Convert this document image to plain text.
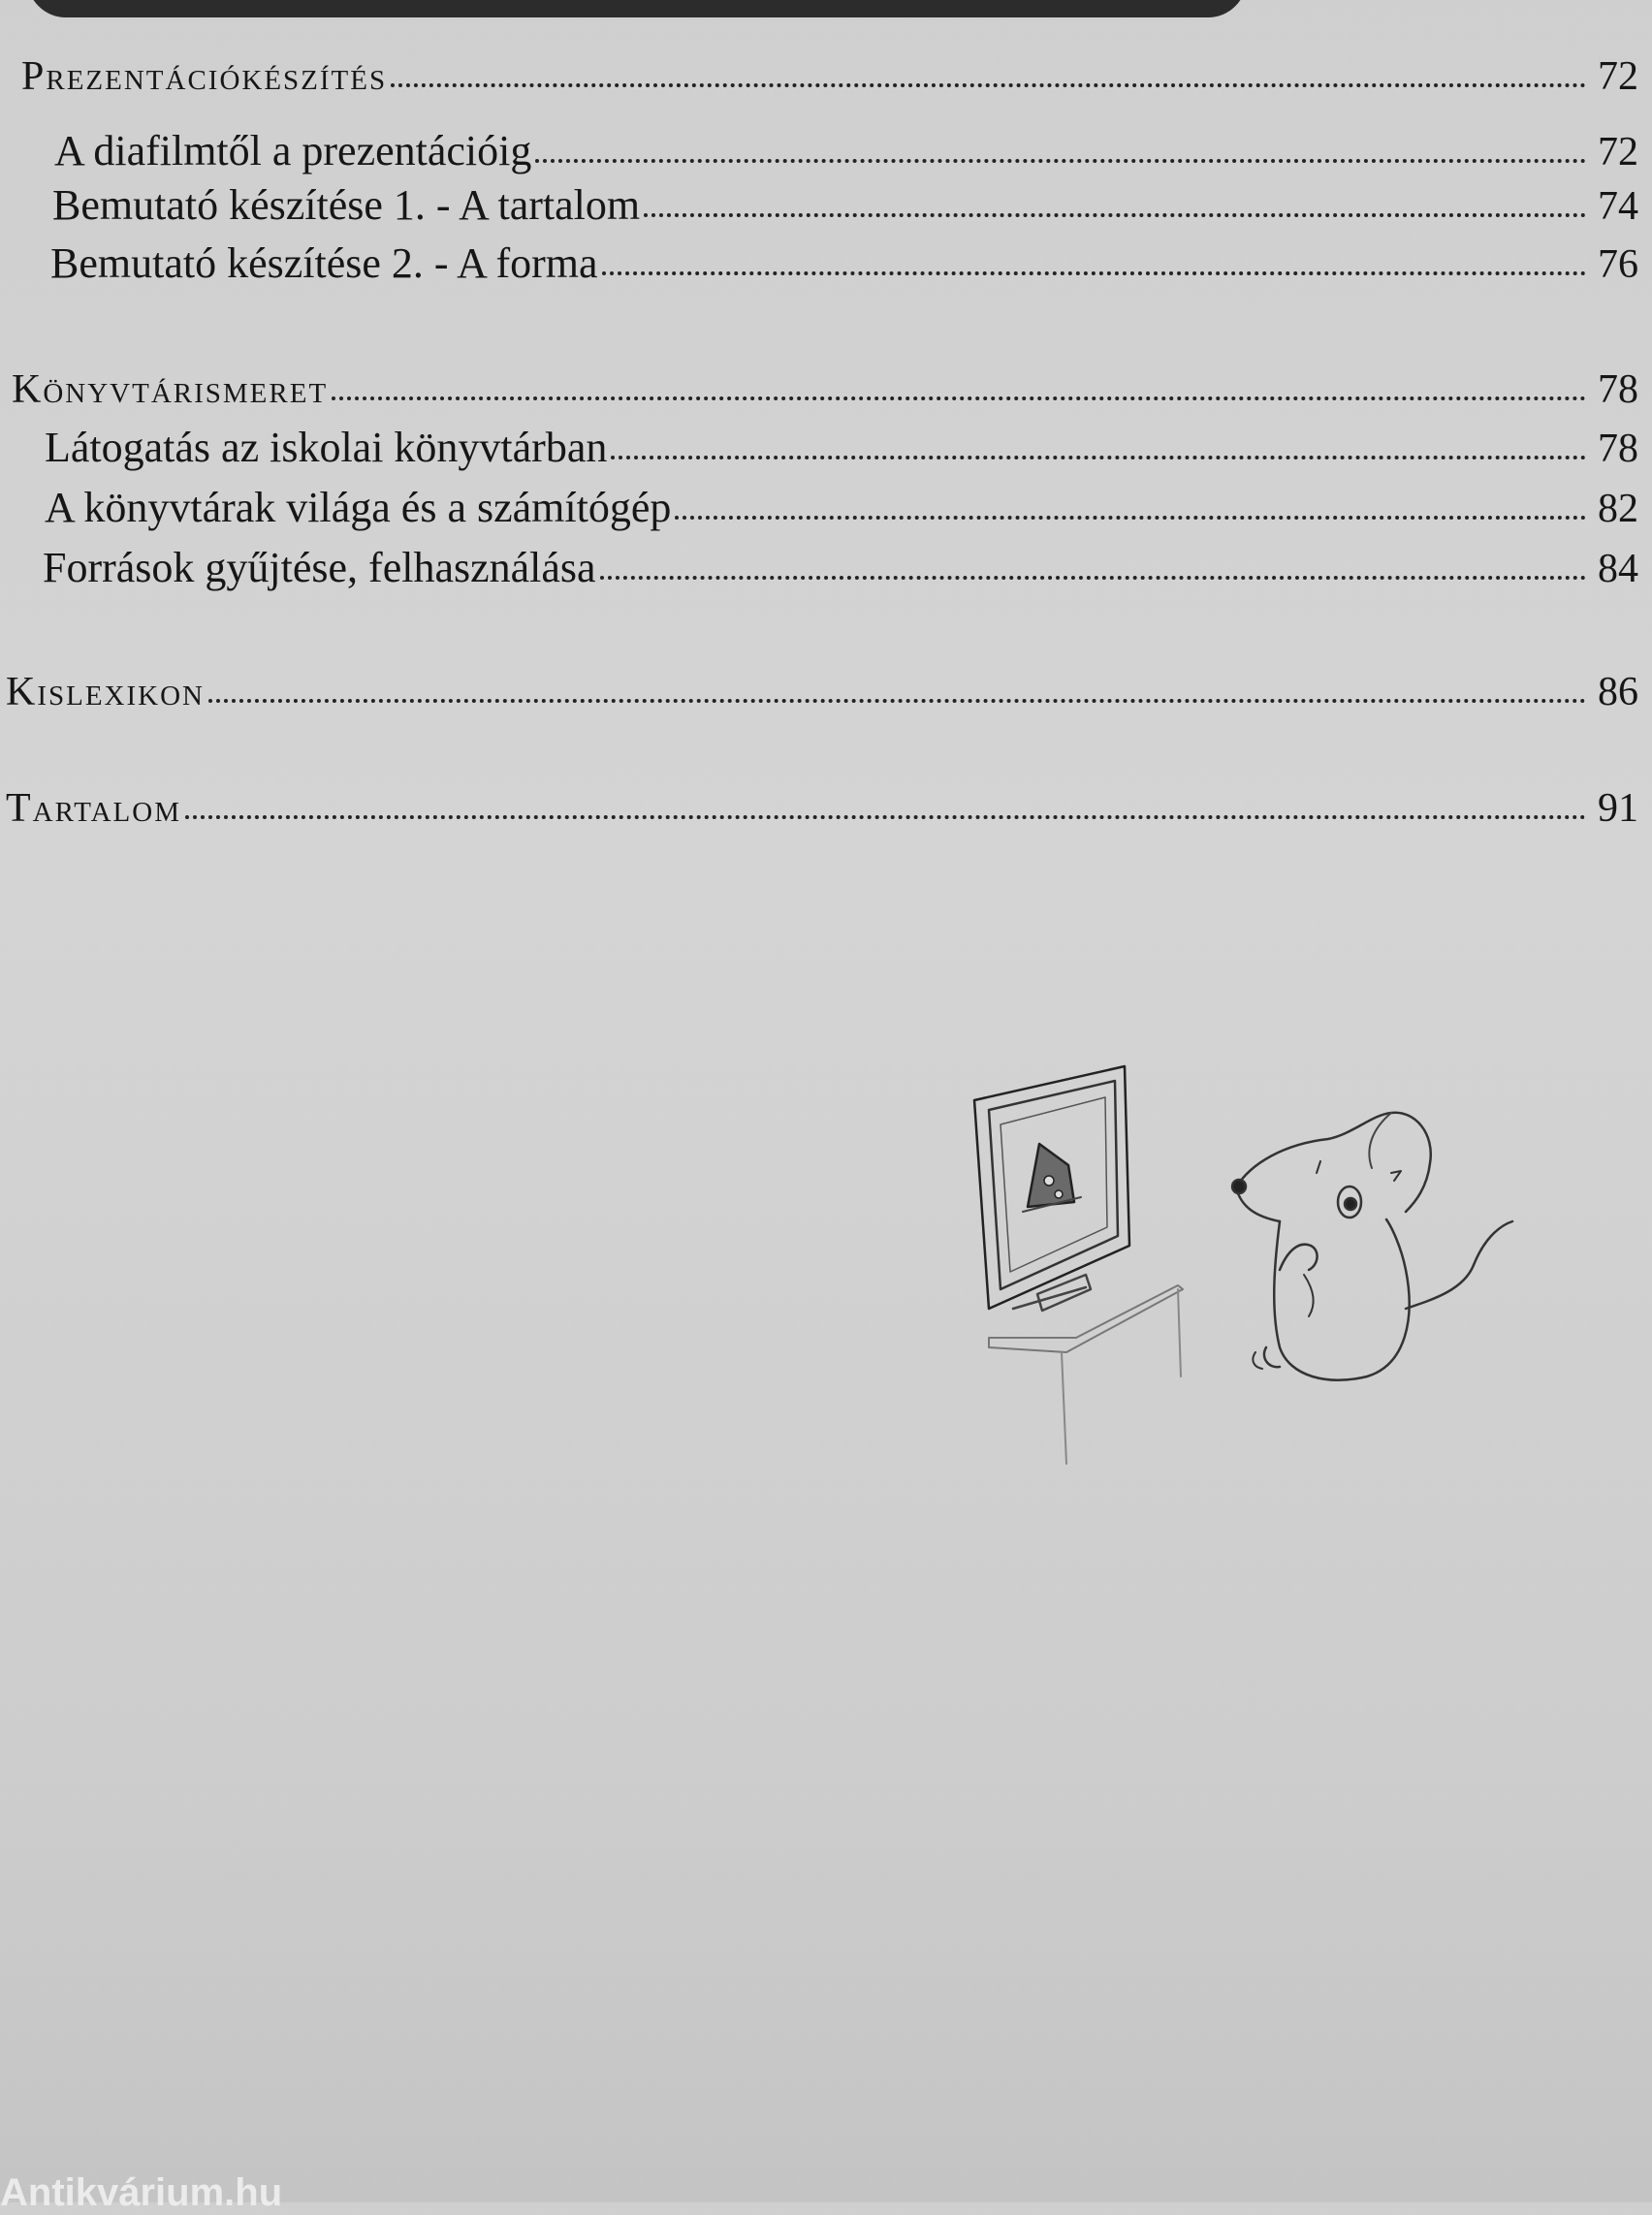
Prezentációkészítés	72
A diafilmtől a prezentációig	72
Bemutató készítése 1. - A tartalom	74
Bemutató készítése 2. - A forma	76
Könyvtárismeret	78
Látogatás az iskolai könyvtárban	78
A könyvtárak világa és a számítógép	82
Források gyűjtése, felhasználása	84
Kislexikon	86
Tartalom	91
Antikvárium.hu
